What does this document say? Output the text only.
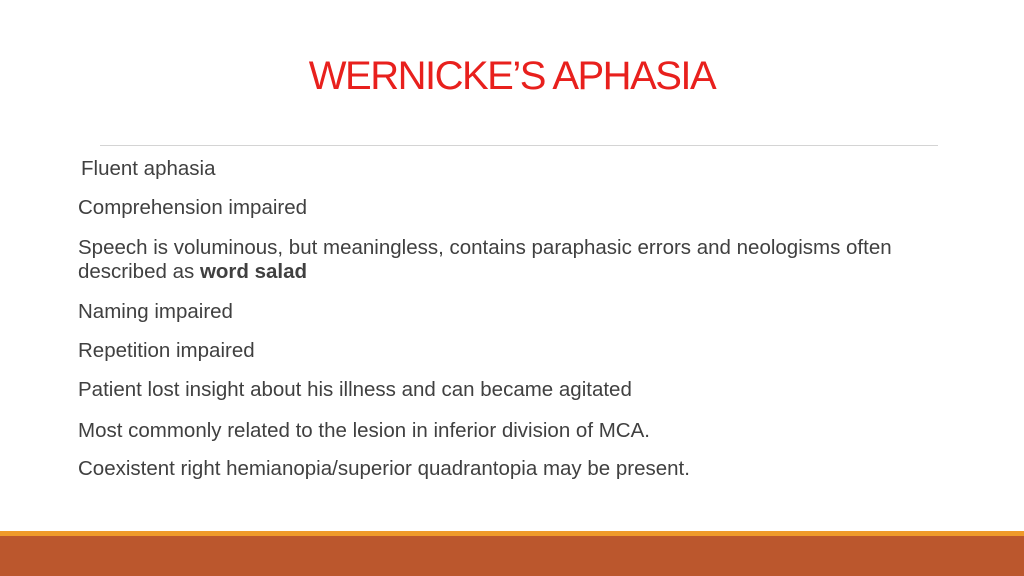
WERNICKE’S APHASIA
Fluent aphasia
Comprehension impaired
Speech is voluminous, but meaningless, contains paraphasic errors and neologisms often described as word salad
Naming impaired
Repetition impaired
Patient lost insight about his illness and can became agitated
Most commonly related to the lesion in inferior division of MCA.
Coexistent right hemianopia/superior quadrantopia may be present.
